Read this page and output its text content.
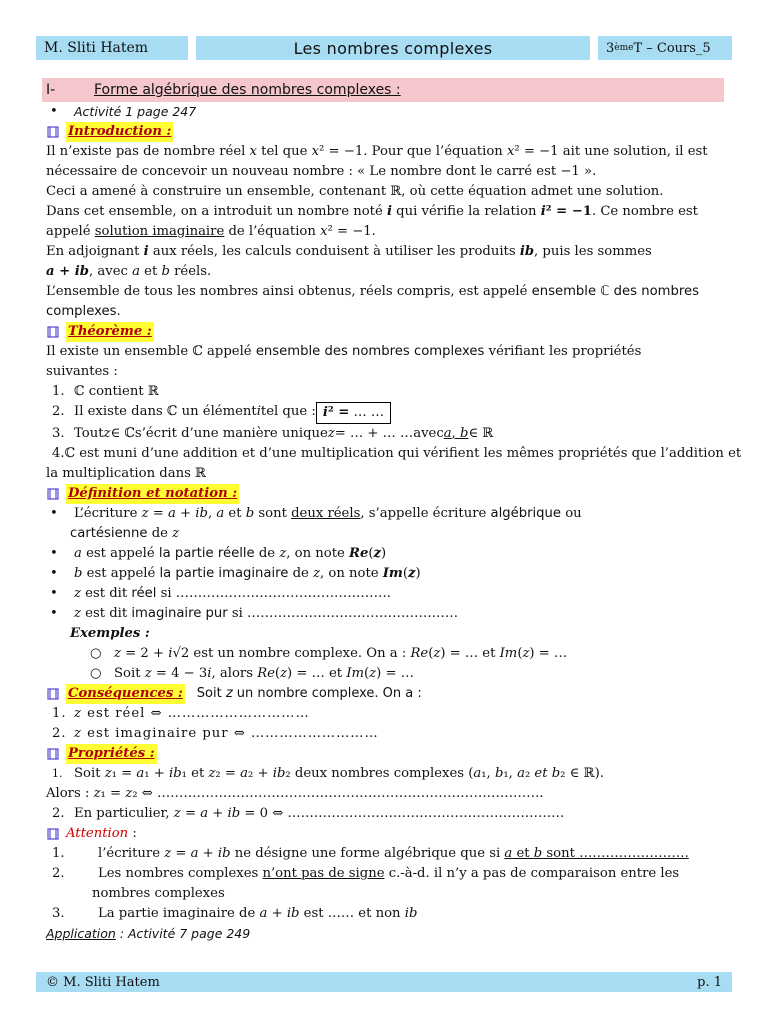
M. Sliti Hatem	Les nombres complexes	3 ème T – Cours_5
I-	Forme algébrique des nombres complexes :
•	Activité 1 page 247
Introduction :
Il n’existe pas de nombre réel x tel que x² = −1. Pour que l’équation x² = −1 ait une solution, il est
nécessaire de concevoir un nouveau nombre : « Le nombre dont le carré est −1 ».
Ceci a amené à construire un ensemble, contenant ℝ, où cette équation admet une solution.
Dans cet ensemble, on a introduit un nombre noté i qui vérifie la relation i² = −1. Ce nombre est
appelé solution imaginaire de l’équation x² = −1.
En adjoignant i aux réels, les calculs conduisent à utiliser les produits ib, puis les sommes
a + ib, avec a et b réels.
L’ensemble de tous les nombres ainsi obtenus, réels compris, est appelé ensemble ℂ des nombres
complexes.
Théorème :
Il existe un ensemble ℂ appelé ensemble des nombres complexes vérifiant les propriétés
suivantes :
1. ℂ contient ℝ
2. Il existe dans ℂ un élément i tel que : i² = … …
3. Tout z ∈ ℂ s’écrit d’une manière unique z = … + … … avec a, b ∈ ℝ
4. ℂ est muni d’une addition et d’une multiplication qui vérifient les mêmes propriétés que l’addition et
la multiplication dans ℝ
Définition et notation :
•	L’écriture z = a + ib, a et b sont deux réels, s’appelle écriture algébrique ou
cartésienne de z
•	a est appelé la partie réelle de z, on note Re(z)
•	b est appelé la partie imaginaire de z, on note Im(z)
•	z est dit réel si ………………………………………….
•	z est dit imaginaire pur si …………………………………………
Exemples :
○ z = 2 + i√2 est un nombre complexe. On a : Re(z) = … et Im(z) = …
○ Soit z = 4 − 3i, alors Re(z) = … et Im(z) = …
Conséquences : Soit z un nombre complexe. On a :
1. z est réel ⇔ …………………………
2. z est imaginaire pur ⇔ ………………………
Propriétés :
1. Soit z₁ = a₁ + ib₁ et z₂ = a₂ + ib₂ deux nombres complexes (a₁, b₁, a₂ et b₂ ∈ ℝ).
Alors : z₁ = z₂ ⇔ …………………………………………………………………………….
2. En particulier, z = a + ib = 0 ⇔ ………………………………………………………
Attention :
1.	l’écriture z = a + ib ne désigne une forme algébrique que si a et b sont …………………….
2.	Les nombres complexes n’ont pas de signe c.-à-d. il n’y a pas de comparaison entre les
nombres complexes
3.	La partie imaginaire de a + ib est …… et non ib
Application : Activité 7 page 249
© M. Sliti Hatem	p. 1
